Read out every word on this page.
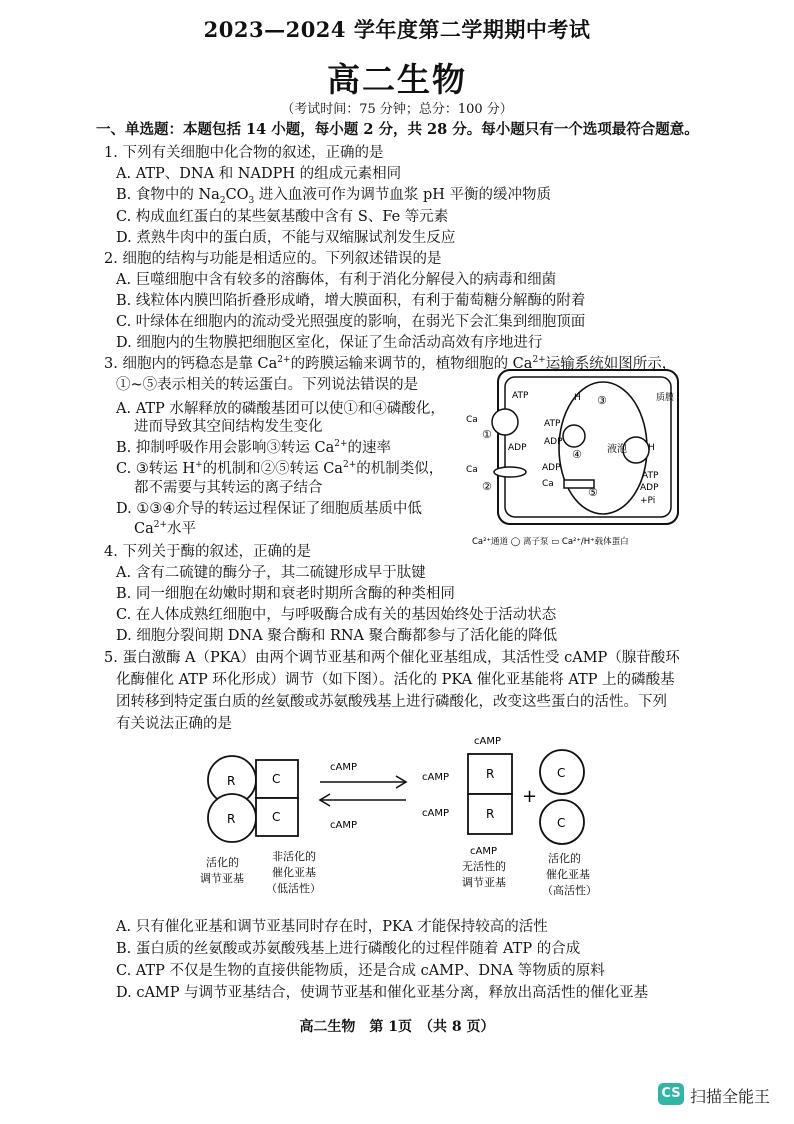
2023—2024 学年度第二学期期中考试
高二生物
（考试时间：75 分钟；总分：100 分）
一、单选题：本题包括 14 小题，每小题 2 分，共 28 分。每小题只有一个选项最符合题意。
1. 下列有关细胞中化合物的叙述，正确的是
A. ATP、DNA 和 NADPH 的组成元素相同
B. 食物中的 $Na_2CO_3$ 进入血液可作为调节血浆 pH 平衡的缓冲物质
C. 构成血红蛋白的某些氨基酸中含有 S、Fe 等元素
D. 煮熟牛肉中的蛋白质，不能与双缩脲试剂发生反应
2. 细胞的结构与功能是相适应的。下列叙述错误的是
A. 巨噬细胞中含有较多的溶酶体，有利于消化分解侵入的病毒和细菌
B. 线粒体内膜凹陷折叠形成嵴，增大膜面积，有利于葡萄糖分解酶的附着
C. 叶绿体在细胞内的流动受光照强度的影响，在弱光下会汇集到细胞顶面
D. 细胞内的生物膜把细胞区室化，保证了生命活动高效有序地进行
3. 细胞内的钙稳态是靠 $Ca^{2+}$的跨膜运输来调节的，植物细胞的 $Ca^{2+}$运输系统如图所示，
①~⑤表示相关的转运蛋白。下列说法错误的是
A. ATP 水解释放的磷酸基团可以使①和④磷酸化，
进而导致其空间结构发生变化
B. 抑制呼吸作用会影响③转运 $Ca^{2+}$的速率
C. ③转运 H+的机制和②⑤转运 $Ca^{2+}$的机制类似，
都不需要与其转运的离子结合
D. ①③④介导的转运过程保证了细胞质基质中低
$Ca^{2+}$水平
ATP
ADP
Ca
Ca
Ca
①
②
③
④
⑤
ATP
ADP
ADP
H
H
液泡
质膜
ATP
ADP
+Pi
Ca²⁺通道 ◯ 离子泵 ▭ Ca²⁺/H⁺载体蛋白
4. 下列关于酶的叙述，正确的是
A. 含有二硫键的酶分子，其二硫键形成早于肽键
B. 同一细胞在幼嫩时期和衰老时期所含酶的种类相同
C. 在人体成熟红细胞中，与呼吸酶合成有关的基因始终处于活动状态
D. 细胞分裂间期 DNA 聚合酶和 RNA 聚合酶都参与了活化能的降低
5. 蛋白激酶 A（PKA）由两个调节亚基和两个催化亚基组成，其活性受 cAMP（腺苷酸环
化酶催化 ATP 环化形成）调节（如下图）。活化的 PKA 催化亚基能将 ATP 上的磷酸基
团转移到特定蛋白质的丝氨酸或苏氨酸残基上进行磷酸化，改变这些蛋白的活性。下列
有关说法正确的是
R
R
C
C
cAMP
cAMP
cAMP
cAMP
cAMP
cAMP
R
R
+
C
C
活化的
调节亚基
非活化的
催化亚基
（低活性）
无活性的
调节亚基
活化的
催化亚基
（高活性）
A. 只有催化亚基和调节亚基同时存在时，PKA 才能保持较高的活性
B. 蛋白质的丝氨酸或苏氨酸残基上进行磷酸化的过程伴随着 ATP 的合成
C. ATP 不仅是生物的直接供能物质，还是合成 cAMP、DNA 等物质的原料
D. cAMP 与调节亚基结合，使调节亚基和催化亚基分离，释放出高活性的催化亚基
高二生物　第 1页　（共 8 页）
CS 扫描全能王
